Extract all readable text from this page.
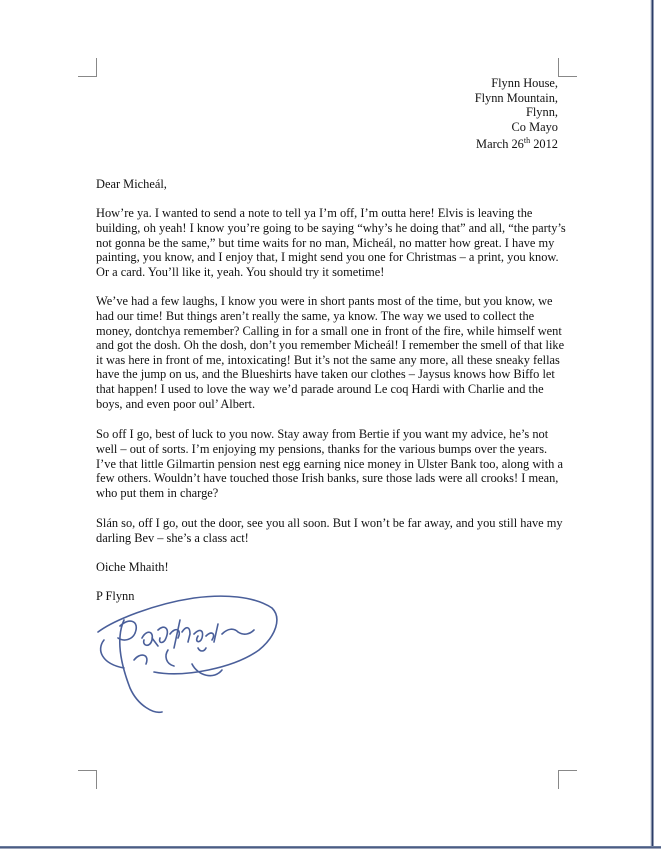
Flynn House,
Flynn Mountain,
Flynn,
Co Mayo
March 26th 2012

Dear Micheál,

How’re ya. I wanted to send a note to tell ya I’m off, I’m outta here! Elvis is leaving the building, oh yeah! I know you’re going to be saying “why’s he doing that” and all, “the party’s not gonna be the same,” but time waits for no man, Micheál, no matter how great. I have my painting, you know, and I enjoy that, I might send you one for Christmas – a print, you know. Or a card. You’ll like it, yeah. You should try it sometime!

We’ve had a few laughs, I know you were in short pants most of the time, but you know, we had our time! But things aren’t really the same, ya know. The way we used to collect the money, dontchya remember? Calling in for a small one in front of the fire, while himself went and got the dosh. Oh the dosh, don’t you remember Micheál! I remember the smell of that like it was here in front of me, intoxicating! But it’s not the same any more, all these sneaky fellas have the jump on us, and the Blueshirts have taken our clothes – Jaysus knows how Biffo let that happen! I used to love the way we’d parade around Le coq Hardi with Charlie and the boys, and even poor oul’ Albert.

So off I go, best of luck to you now. Stay away from Bertie if you want my advice, he’s not well – out of sorts. I’m enjoying my pensions, thanks for the various bumps over the years. I’ve that little Gilmartin pension nest egg earning nice money in Ulster Bank too, along with a few others. Wouldn’t have touched those Irish banks, sure those lads were all crooks! I mean, who put them in charge?

Slán so, off I go, out the door, see you all soon. But I won’t be far away, and you still have my darling Bev – she’s a class act!

Oiche Mhaith!

P Flynn
